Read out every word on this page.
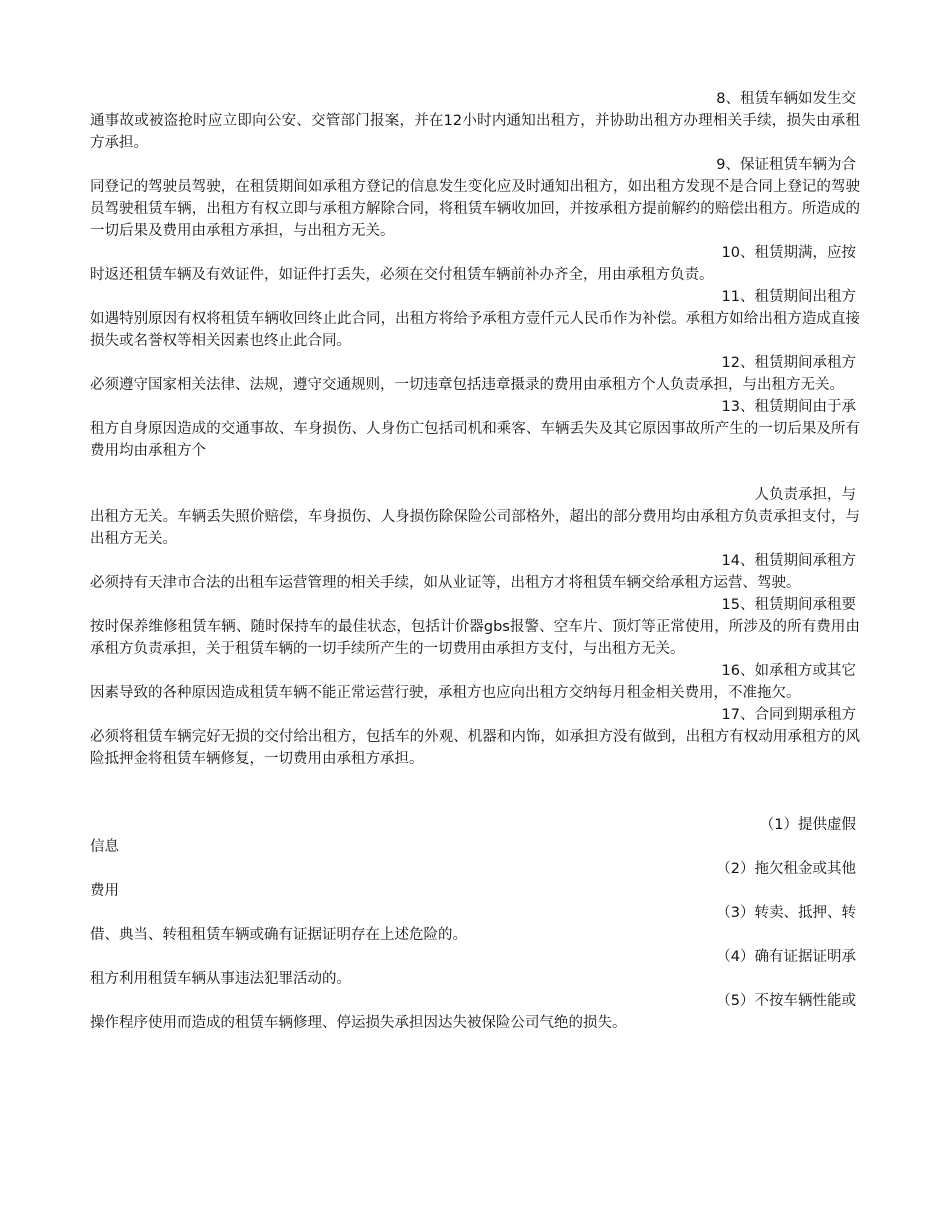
8、租赁车辆如发生交
通事故或被盗抢时应立即向公安、交管部门报案，并在12小时内通知出租方，并协助出租方办理相关手续，损失由承租方承担。
9、保证租赁车辆为合
同登记的驾驶员驾驶，在租赁期间如承租方登记的信息发生变化应及时通知出租方，如出租方发现不是合同上登记的驾驶员驾驶租赁车辆，出租方有权立即与承租方解除合同，将租赁车辆收加回，并按承租方提前解约的赔偿出租方。所造成的一切后果及费用由承租方承担，与出租方无关。
10、租赁期满，应按
时返还租赁车辆及有效证件，如证件打丢失，必须在交付租赁车辆前补办齐全，用由承租方负责。
11、租赁期间出租方
如遇特别原因有权将租赁车辆收回终止此合同，出租方将给予承租方壹仟元人民币作为补偿。承租方如给出租方造成直接损失或名誉权等相关因素也终止此合同。
12、租赁期间承租方
必须遵守国家相关法律、法规，遵守交通规则，一切违章包括违章摄录的费用由承租方个人负责承担，与出租方无关。
13、租赁期间由于承
租方自身原因造成的交通事故、车身损伤、人身伤亡包括司机和乘客、车辆丢失及其它原因事故所产生的一切后果及所有费用均由承租方个
人负责承担，与
出租方无关。车辆丢失照价赔偿，车身损伤、人身损伤除保险公司部格外，超出的部分费用均由承租方负责承担支付，与出租方无关。
14、租赁期间承租方
必须持有天津市合法的出租车运营管理的相关手续，如从业证等，出租方才将租赁车辆交给承租方运营、驾驶。
15、租赁期间承租要
按时保养维修租赁车辆、随时保持车的最佳状态，包括计价器gbs报警、空车片、顶灯等正常使用，所涉及的所有费用由承租方负责承担，关于租赁车辆的一切手续所产生的一切费用由承担方支付，与出租方无关。
16、如承租方或其它
因素导致的各种原因造成租赁车辆不能正常运营行驶，承租方也应向出租方交纳每月租金相关费用，不准拖欠。
17、合同到期承租方
必须将租赁车辆完好无损的交付给出租方，包括车的外观、机器和内饰，如承担方没有做到，出租方有权动用承租方的风险抵押金将租赁车辆修复，一切费用由承租方承担。
（1）提供虚假
信息
（2）拖欠租金或其他
费用
（3）转卖、抵押、转
借、典当、转租租赁车辆或确有证据证明存在上述危险的。
（4）确有证据证明承
租方利用租赁车辆从事违法犯罪活动的。
（5）不按车辆性能或
操作程序使用而造成的租赁车辆修理、停运损失承担因达失被保险公司气绝的损失。
